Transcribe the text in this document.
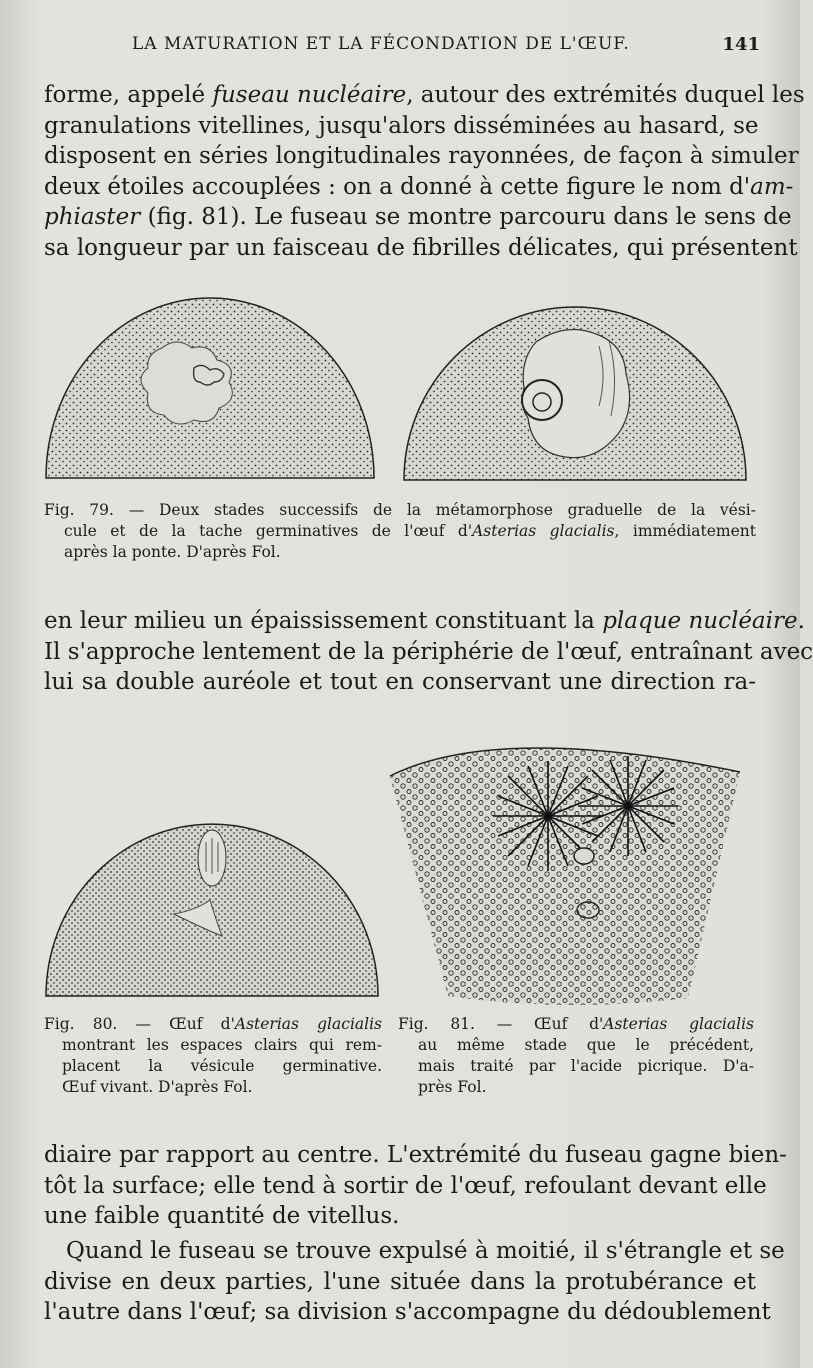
LA MATURATION ET LA FÉCONDATION DE L'ŒUF.	141
forme, appelé fuseau nucléaire, autour des extrémités duquel les
granulations vitellines, jusqu'alors disséminées au hasard, se
disposent en séries longitudinales rayonnées, de façon à simuler
deux étoiles accouplées : on a donné à cette figure le nom d'am-
phiaster (fig. 81). Le fuseau se montre parcouru dans le sens de
sa longueur par un faisceau de fibrilles délicates, qui présentent
Fig. 79. — Deux stades successifs de la métamorphose graduelle de la vési-
cule et de la tache germinatives de l'œuf d'Asterias glacialis, immédiatement
après la ponte. D'après Fol.
en leur milieu un épaississement constituant la plaque nucléaire.
Il s'approche lentement de la périphérie de l'œuf, entraînant avec
lui sa double auréole et tout en conservant une direction ra-
Fig. 80. — Œuf d'Asterias glacialis
montrant les espaces clairs qui rem-
placent la vésicule germinative.
Œuf vivant. D'après Fol.
Fig. 81. — Œuf d'Asterias glacialis
au même stade que le précédent,
mais traité par l'acide picrique. D'a-
près Fol.
diaire par rapport au centre. L'extrémité du fuseau gagne bien-
tôt la surface; elle tend à sortir de l'œuf, refoulant devant elle
une faible quantité de vitellus.
Quand le fuseau se trouve expulsé à moitié, il s'étrangle et se
divise en deux parties, l'une située dans la protubérance et
l'autre dans l'œuf; sa division s'accompagne du dédoublement
